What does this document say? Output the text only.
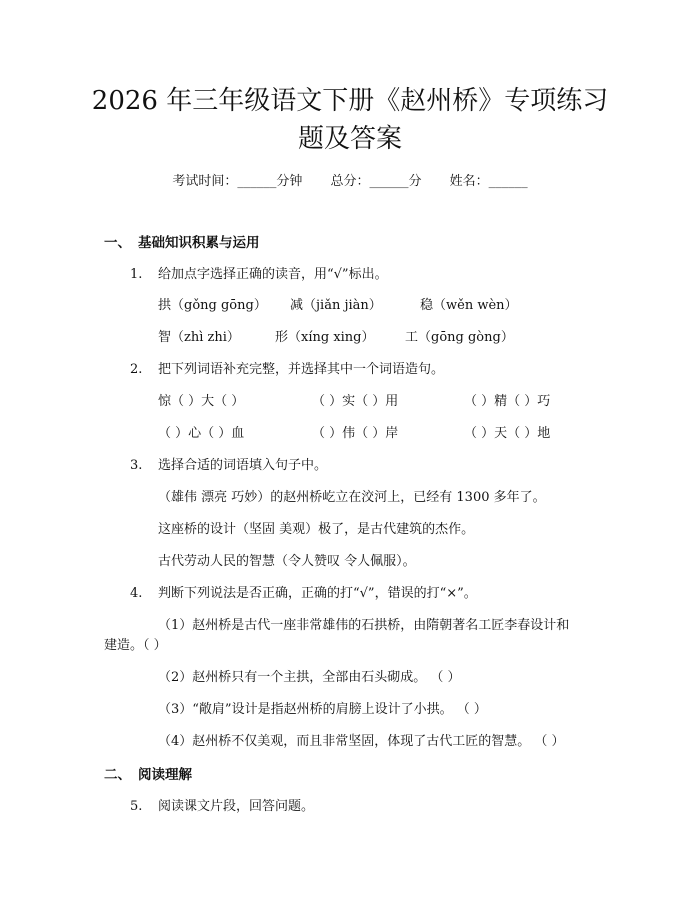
2026 年三年级语文下册《赵州桥》专项练习
题及答案
考试时间：______分钟 总分：______分 姓名：______
一、 基础知识积累与运用
1. 给加点字选择正确的读音，用“√”标出。
拱（gǒng gōng） 减（jiǎn jiàn）	稳（wěn wèn）
智（zhì zhi）	形（xíng xing） 工（gōng gòng）
2. 把下列词语补充完整，并选择其中一个词语造句。
惊（ ）大（ ）	（ ）实（ ）用	（ ）精（ ）巧
（ ）心（ ）血	（ ）伟（ ）岸	（ ）天（ ）地
3. 选择合适的词语填入句子中。
（雄伟 漂亮 巧妙）的赵州桥屹立在洨河上，已经有 1300 多年了。
这座桥的设计（坚固 美观）极了，是古代建筑的杰作。
古代劳动人民的智慧（令人赞叹 令人佩服）。
4. 判断下列说法是否正确，正确的打“√”，错误的打“×”。
（1）赵州桥是古代一座非常雄伟的石拱桥，由隋朝著名工匠李春设计和
建造。（ ）
（2）赵州桥只有一个主拱，全部由石头砌成。 （ ）
（3）“敞肩”设计是指赵州桥的肩膀上设计了小拱。 （ ）
（4）赵州桥不仅美观，而且非常坚固，体现了古代工匠的智慧。 （ ）
二、 阅读理解
5. 阅读课文片段，回答问题。
